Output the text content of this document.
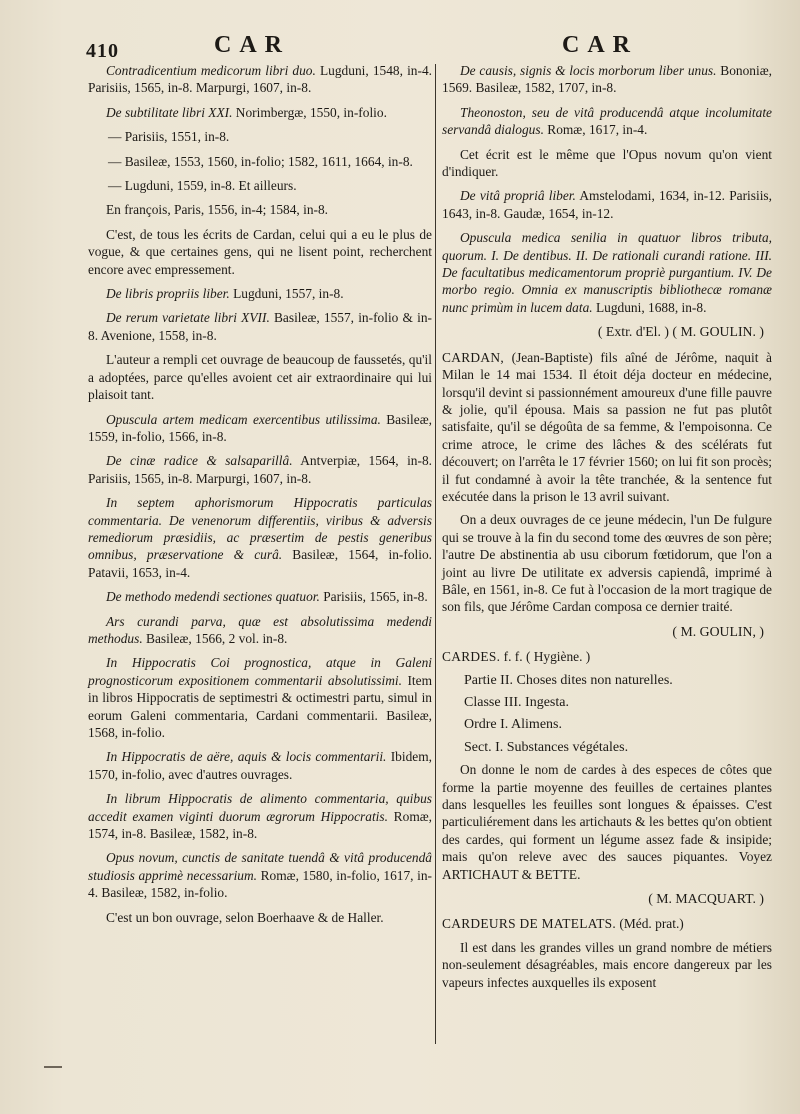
410	CAR	CAR

Contradicentium medicorum libri duo. Lugduni, 1548, in-4. Parisiis, 1565, in-8. Marpurgi, 1607, in-8.

De subtilitate libri XXI. Norimbergæ, 1550, in-folio.

— Parisiis, 1551, in-8.

— Basileæ, 1553, 1560, in-folio; 1582, 1611, 1664, in-8.

— Lugduni, 1559, in-8. Et ailleurs.

En françois, Paris, 1556, in-4; 1584, in-8.

C'est, de tous les écrits de Cardan, celui qui a eu le plus de vogue, & que certaines gens, qui ne lisent point, recherchent encore avec empressement.

De libris propriis liber. Lugduni, 1557, in-8.

De rerum varietate libri XVII. Basileæ, 1557, in-folio & in-8. Avenione, 1558, in-8.

L'auteur a rempli cet ouvrage de beaucoup de faussetés, qu'il a adoptées, parce qu'elles avoient cet air extraordinaire qui lui plaisoit tant.

Opuscula artem medicam exercentibus utilissima. Basileæ, 1559, in-folio, 1566, in-8.

De cinæ radice & salsaparillâ. Antverpiæ, 1564, in-8. Parisiis, 1565, in-8. Marpurgi, 1607, in-8.

In septem aphorismorum Hippocratis particulas commentaria. De venenorum differentiis, viribus & adversis remediorum præsidiis, ac præsertim de pestis generibus omnibus, præservatione & curâ. Basileæ, 1564, in-folio. Patavii, 1653, in-4.

De methodo medendi sectiones quatuor. Parisiis, 1565, in-8.

Ars curandi parva, quæ est absolutissima medendi methodus. Basileæ, 1566, 2 vol. in-8.

In Hippocratis Coi prognostica, atque in Galeni prognosticorum expositionem commentarii absolutissimi. Item in libros Hippocratis de septimestri & octimestri partu, simul in eorum Galeni commentaria, Cardani commentarii. Basileæ, 1568, in-folio.

In Hippocratis de aëre, aquis & locis commentarii. Ibidem, 1570, in-folio, avec d'autres ouvrages.

In librum Hippocratis de alimento commentaria, quibus accedit examen viginti duorum ægrorum Hippocratis. Romæ, 1574, in-8. Basileæ, 1582, in-8.

Opus novum, cunctis de sanitate tuendâ & vitâ producendâ studiosis apprimè necessarium. Romæ, 1580, in-folio, 1617, in-4. Basileæ, 1582, in-folio.

C'est un bon ouvrage, selon Boerhaave & de Haller.

De causis, signis & locis morborum liber unus. Bononiæ, 1569. Basileæ, 1582, 1707, in-8.

Theonoston, seu de vitâ producendâ atque incolumitate servandâ dialogus. Romæ, 1617, in-4.

Cet écrit est le même que l'Opus novum qu'on vient d'indiquer.

De vitâ propriâ liber. Amstelodami, 1634, in-12. Parisiis, 1643, in-8. Gaudæ, 1654, in-12.

Opuscula medica senilia in quatuor libros tributa, quorum. I. De dentibus. II. De rationali curandi ratione. III. De facultatibus medicamentorum propriè purgantium. IV. De morbo regio. Omnia ex manuscriptis bibliothecæ romanæ nunc primùm in lucem data. Lugduni, 1688, in-8.

( Extr. d'El. ) ( M. GOULIN. )

CARDAN, (Jean-Baptiste) fils aîné de Jérôme, naquit à Milan le 14 mai 1534. Il étoit déja docteur en médecine, lorsqu'il devint si passionnément amoureux d'une fille pauvre & jolie, qu'il épousa. Mais sa passion ne fut pas plutôt satisfaite, qu'il se dégoûta de sa femme, & l'empoisonna. Ce crime atroce, le crime des lâches & des scélérats fut découvert; on l'arrêta le 17 février 1560; on lui fit son procès; il fut condamné à avoir la tête tranchée, & la sentence fut exécutée dans la prison le 13 avril suivant.

On a deux ouvrages de ce jeune médecin, l'un De fulgure qui se trouve à la fin du second tome des œuvres de son père; l'autre De abstinentia ab usu ciborum fœtidorum, que l'on a joint au livre De utilitate ex adversis capiendâ, imprimé à Bâle, en 1561, in-8. Ce fut à l'occasion de la mort tragique de son fils, que Jérôme Cardan composa ce dernier traité.

( M. GOULIN, )

CARDES. f. f. ( Hygiène. )

Partie II. Choses dites non naturelles.

Classe III. Ingesta.

Ordre I. Alimens.

Sect. I. Substances végétales.

On donne le nom de cardes à des especes de côtes que forme la partie moyenne des feuilles de certaines plantes dans lesquelles les feuilles sont longues & épaisses. C'est particuliérement dans les artichauts & les bettes qu'on obtient des cardes, qui forment un légume assez fade & insipide; mais qu'on releve avec des sauces piquantes. Voyez ARTICHAUT & BETTE.

( M. MACQUART. )

CARDEURS DE MATELATS. (Méd. prat.)

Il est dans les grandes villes un grand nombre de métiers non-seulement désagréables, mais encore dangereux par les vapeurs infectes auxquelles ils exposent
